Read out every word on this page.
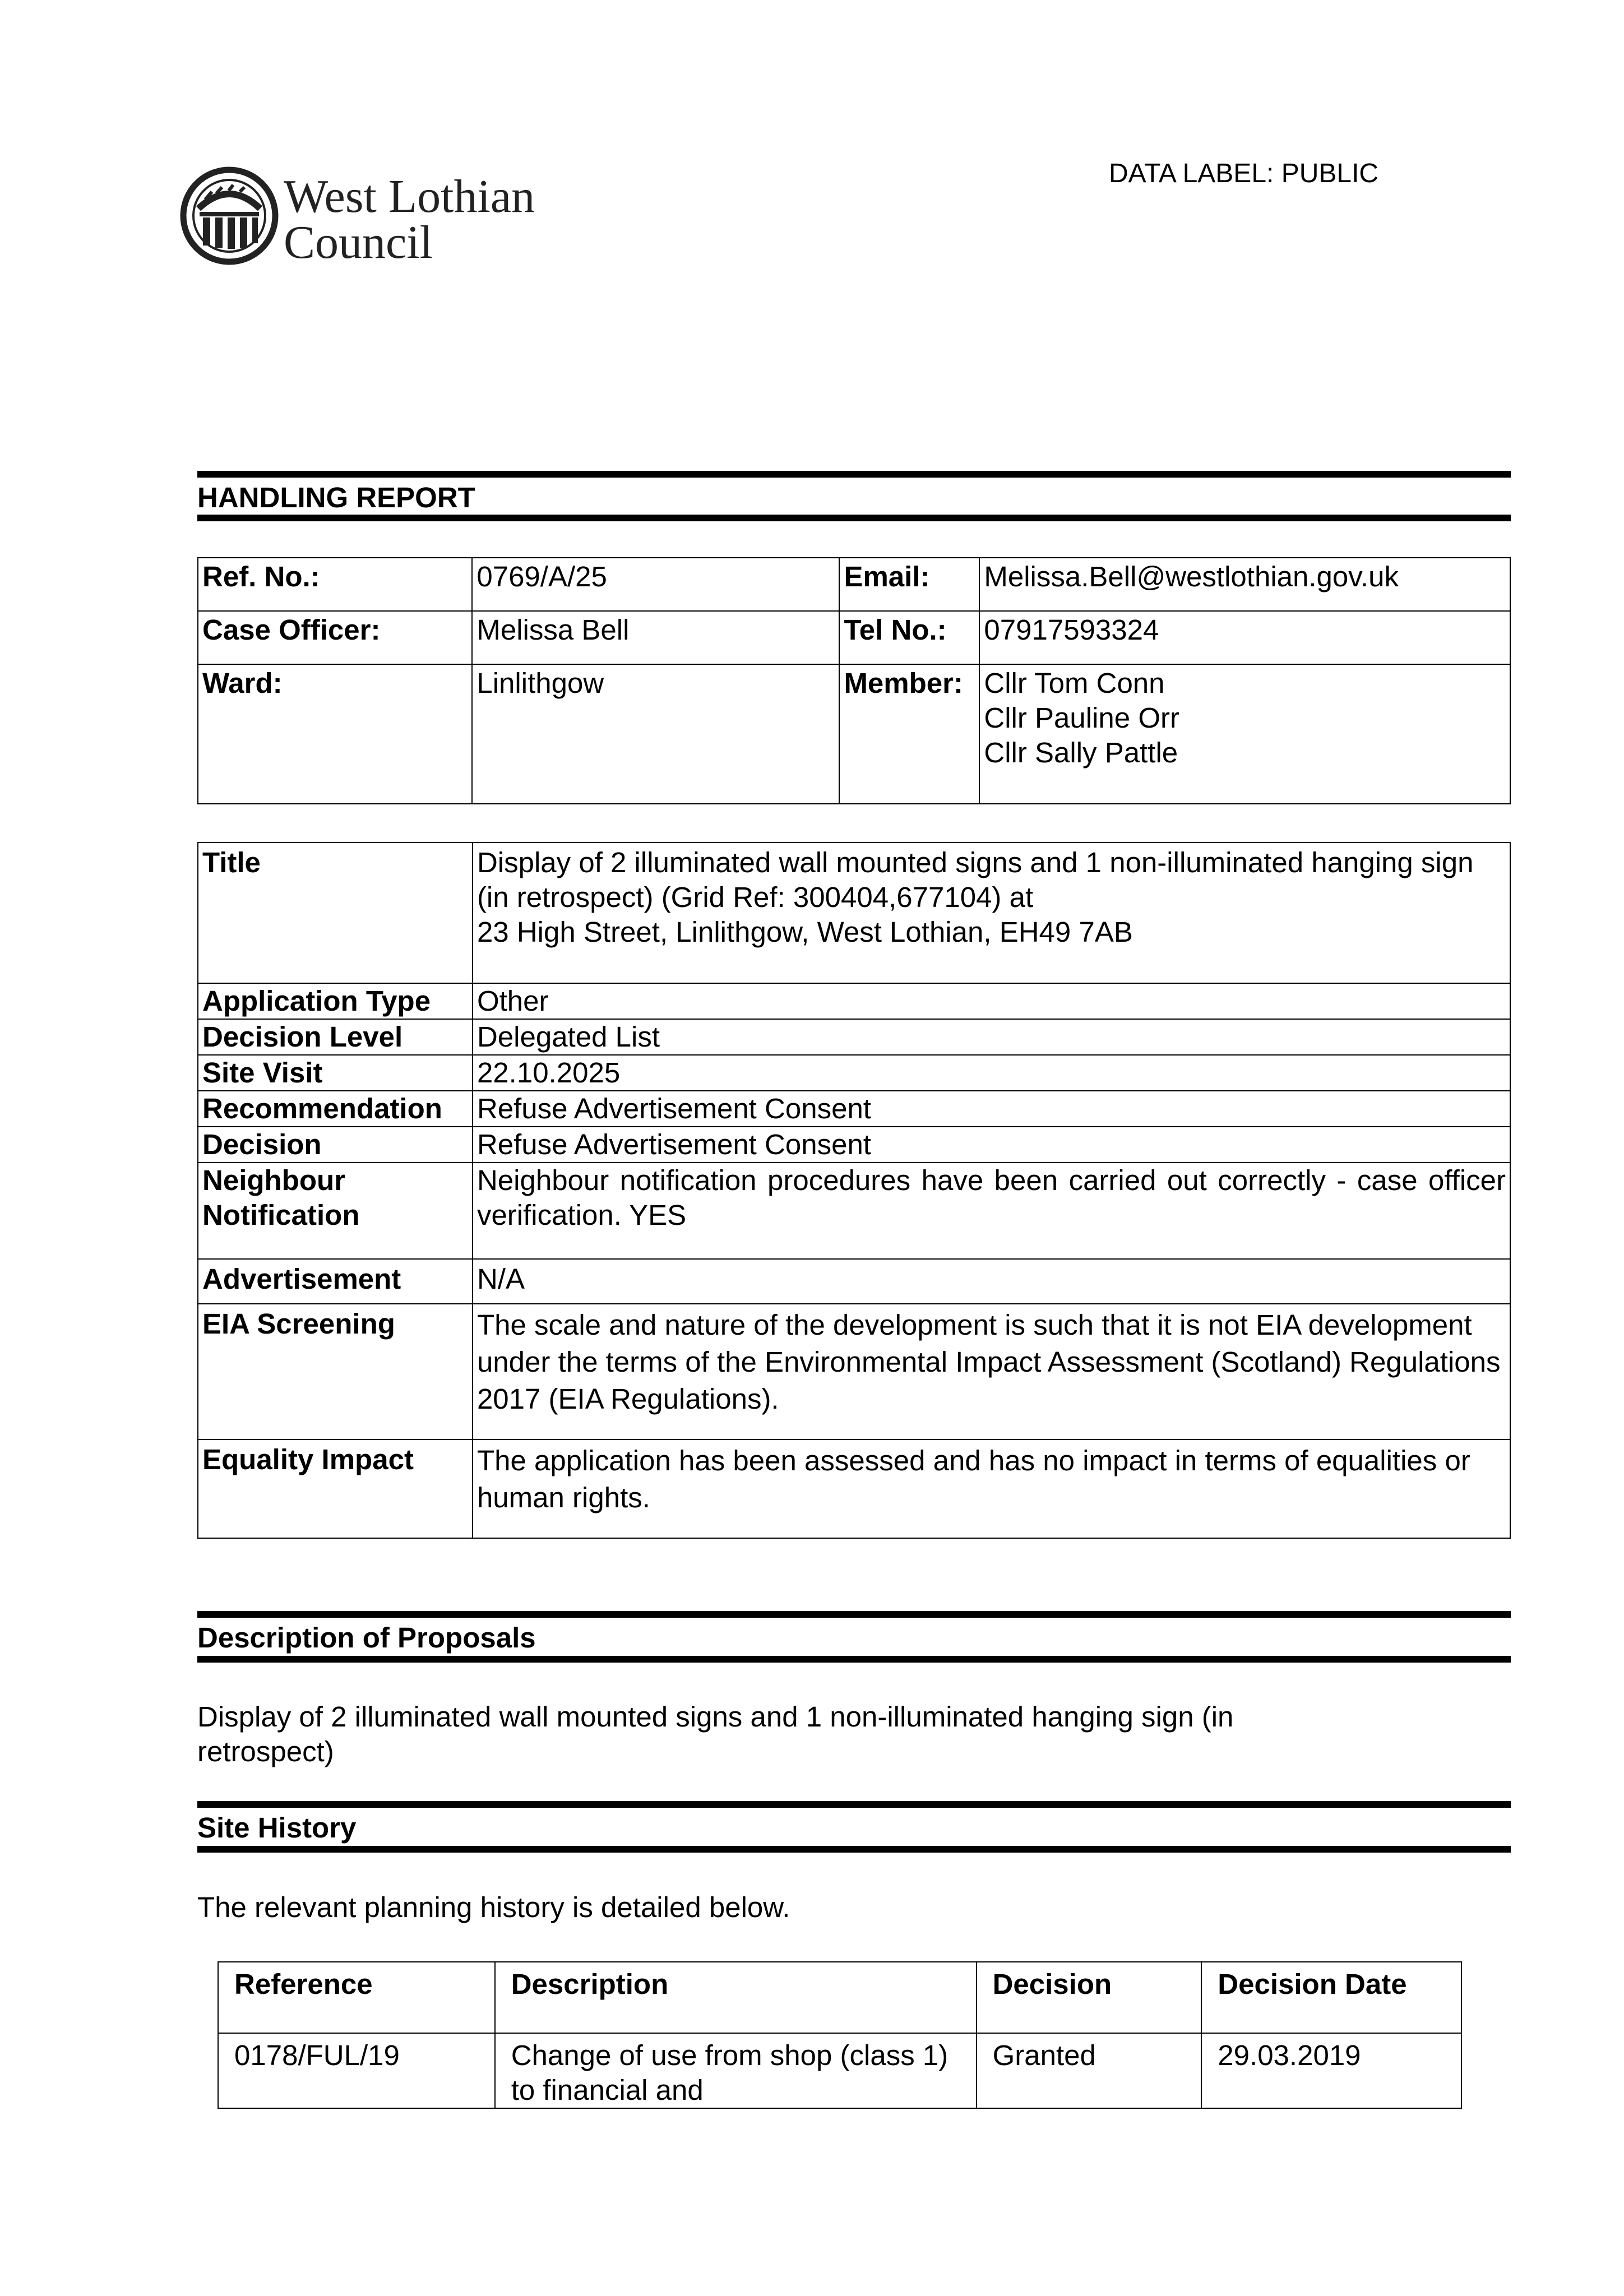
West Lothian
Council
DATA LABEL: PUBLIC
HANDLING REPORT
Ref. No.:	0769/A/25	Email:	Melissa.Bell@westlothian.gov.uk
Case Officer:	Melissa Bell	Tel No.:	07917593324
Ward:	Linlithgow	Member:	Cllr Tom Conn
Cllr Pauline Orr
Cllr Sally Pattle
Title	Display of 2 illuminated wall mounted signs and 1 non-illuminated hanging sign (in retrospect) (Grid Ref: 300404,677104) at
23 High Street, Linlithgow, West Lothian, EH49 7AB

Application Type	Other
Decision Level	Delegated List
Site Visit	22.10.2025
Recommendation	Refuse Advertisement Consent
Decision	Refuse Advertisement Consent

Neighbour
Notification	Neighbour notification procedures have been carried out correctly - case officer verification. YES
Advertisement	N/A
EIA Screening	The scale and nature of the development is such that it is not EIA development under the terms of the Environmental Impact Assessment (Scotland) Regulations 2017 (EIA Regulations).
Equality Impact	The application has been assessed and has no impact in terms of equalities or human rights.
Description of Proposals
Display of 2 illuminated wall mounted signs and 1 non-illuminated hanging sign (in retrospect)
Site History
The relevant planning history is detailed below.
Reference	Description	Decision	Decision Date
0178/FUL/19	Change of use from shop (class 1) to financial and	Granted	29.03.2019
